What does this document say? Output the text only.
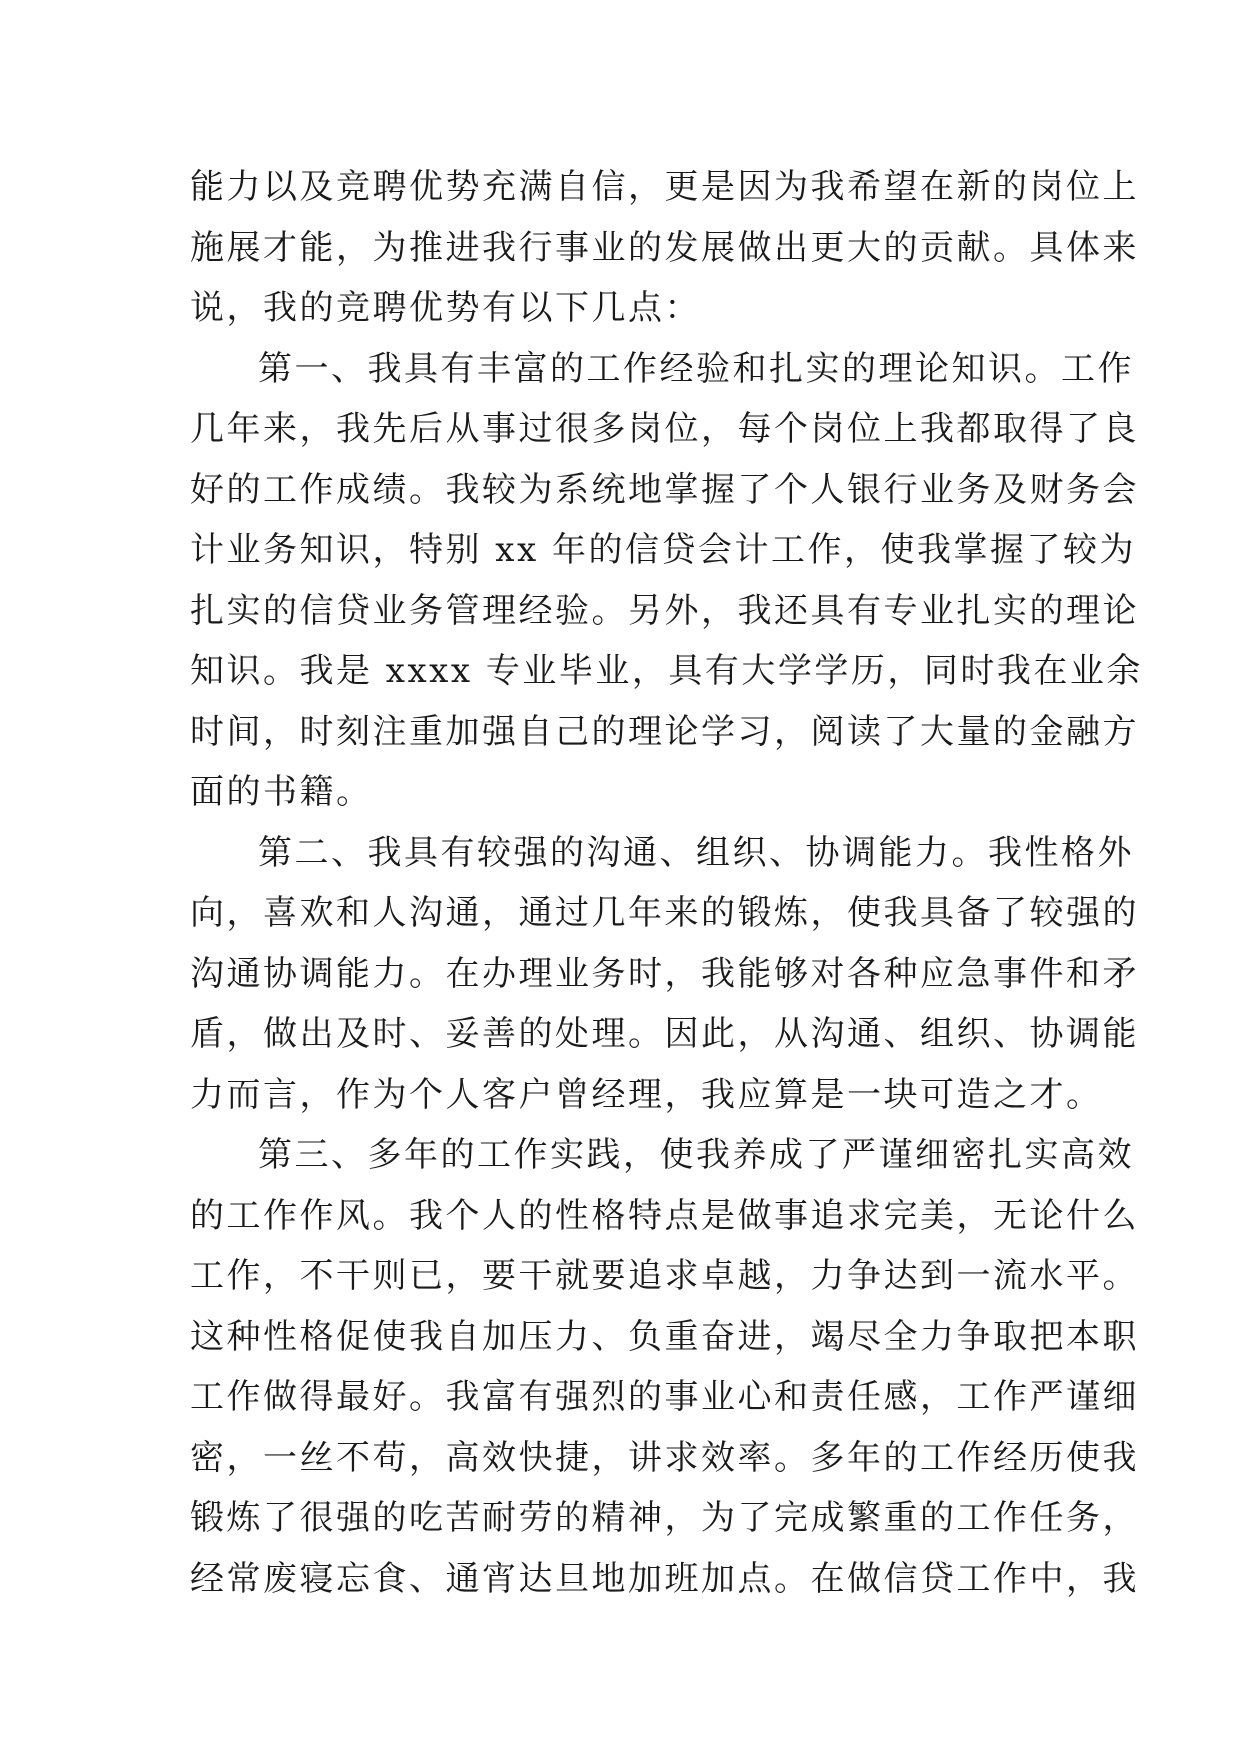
能力以及竞聘优势充满自信，更是因为我希望在新的岗位上
施展才能，为推进我行事业的发展做出更大的贡献。具体来
说，我的竞聘优势有以下几点：
第一、我具有丰富的工作经验和扎实的理论知识。工作
几年来，我先后从事过很多岗位，每个岗位上我都取得了良
好的工作成绩。我较为系统地掌握了个人银行业务及财务会
计业务知识，特别 xx 年的信贷会计工作，使我掌握了较为
扎实的信贷业务管理经验。另外，我还具有专业扎实的理论
知识。我是 xxxx 专业毕业，具有大学学历，同时我在业余
时间，时刻注重加强自己的理论学习，阅读了大量的金融方
面的书籍。
第二、我具有较强的沟通、组织、协调能力。我性格外
向，喜欢和人沟通，通过几年来的锻炼，使我具备了较强的
沟通协调能力。在办理业务时，我能够对各种应急事件和矛
盾，做出及时、妥善的处理。因此，从沟通、组织、协调能
力而言，作为个人客户曾经理，我应算是一块可造之才。
第三、多年的工作实践，使我养成了严谨细密扎实高效
的工作作风。我个人的性格特点是做事追求完美，无论什么
工作，不干则已，要干就要追求卓越，力争达到一流水平。
这种性格促使我自加压力、负重奋进，竭尽全力争取把本职
工作做得最好。我富有强烈的事业心和责任感，工作严谨细
密，一丝不苟，高效快捷，讲求效率。多年的工作经历使我
锻炼了很强的吃苦耐劳的精神，为了完成繁重的工作任务，
经常废寝忘食、通宵达旦地加班加点。在做信贷工作中，我
